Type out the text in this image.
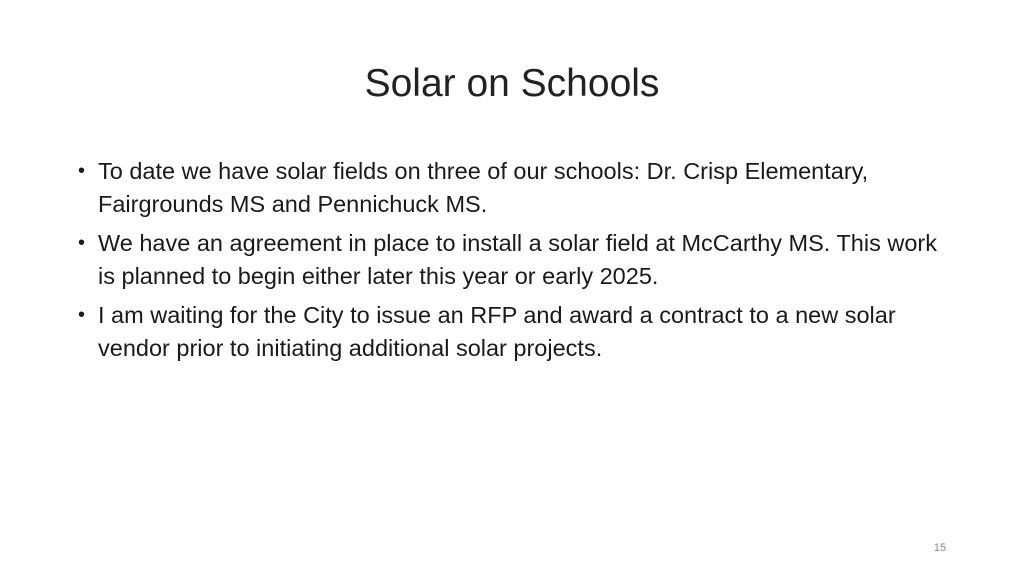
Solar on Schools
• To date we have solar fields on three of our schools: Dr. Crisp Elementary, Fairgrounds MS and Pennichuck MS.
• We have an agreement in place to install a solar field at McCarthy MS. This work is planned to begin either later this year or early 2025.
• I am waiting for the City to issue an RFP and award a contract to a new solar vendor prior to initiating additional solar projects.
15
